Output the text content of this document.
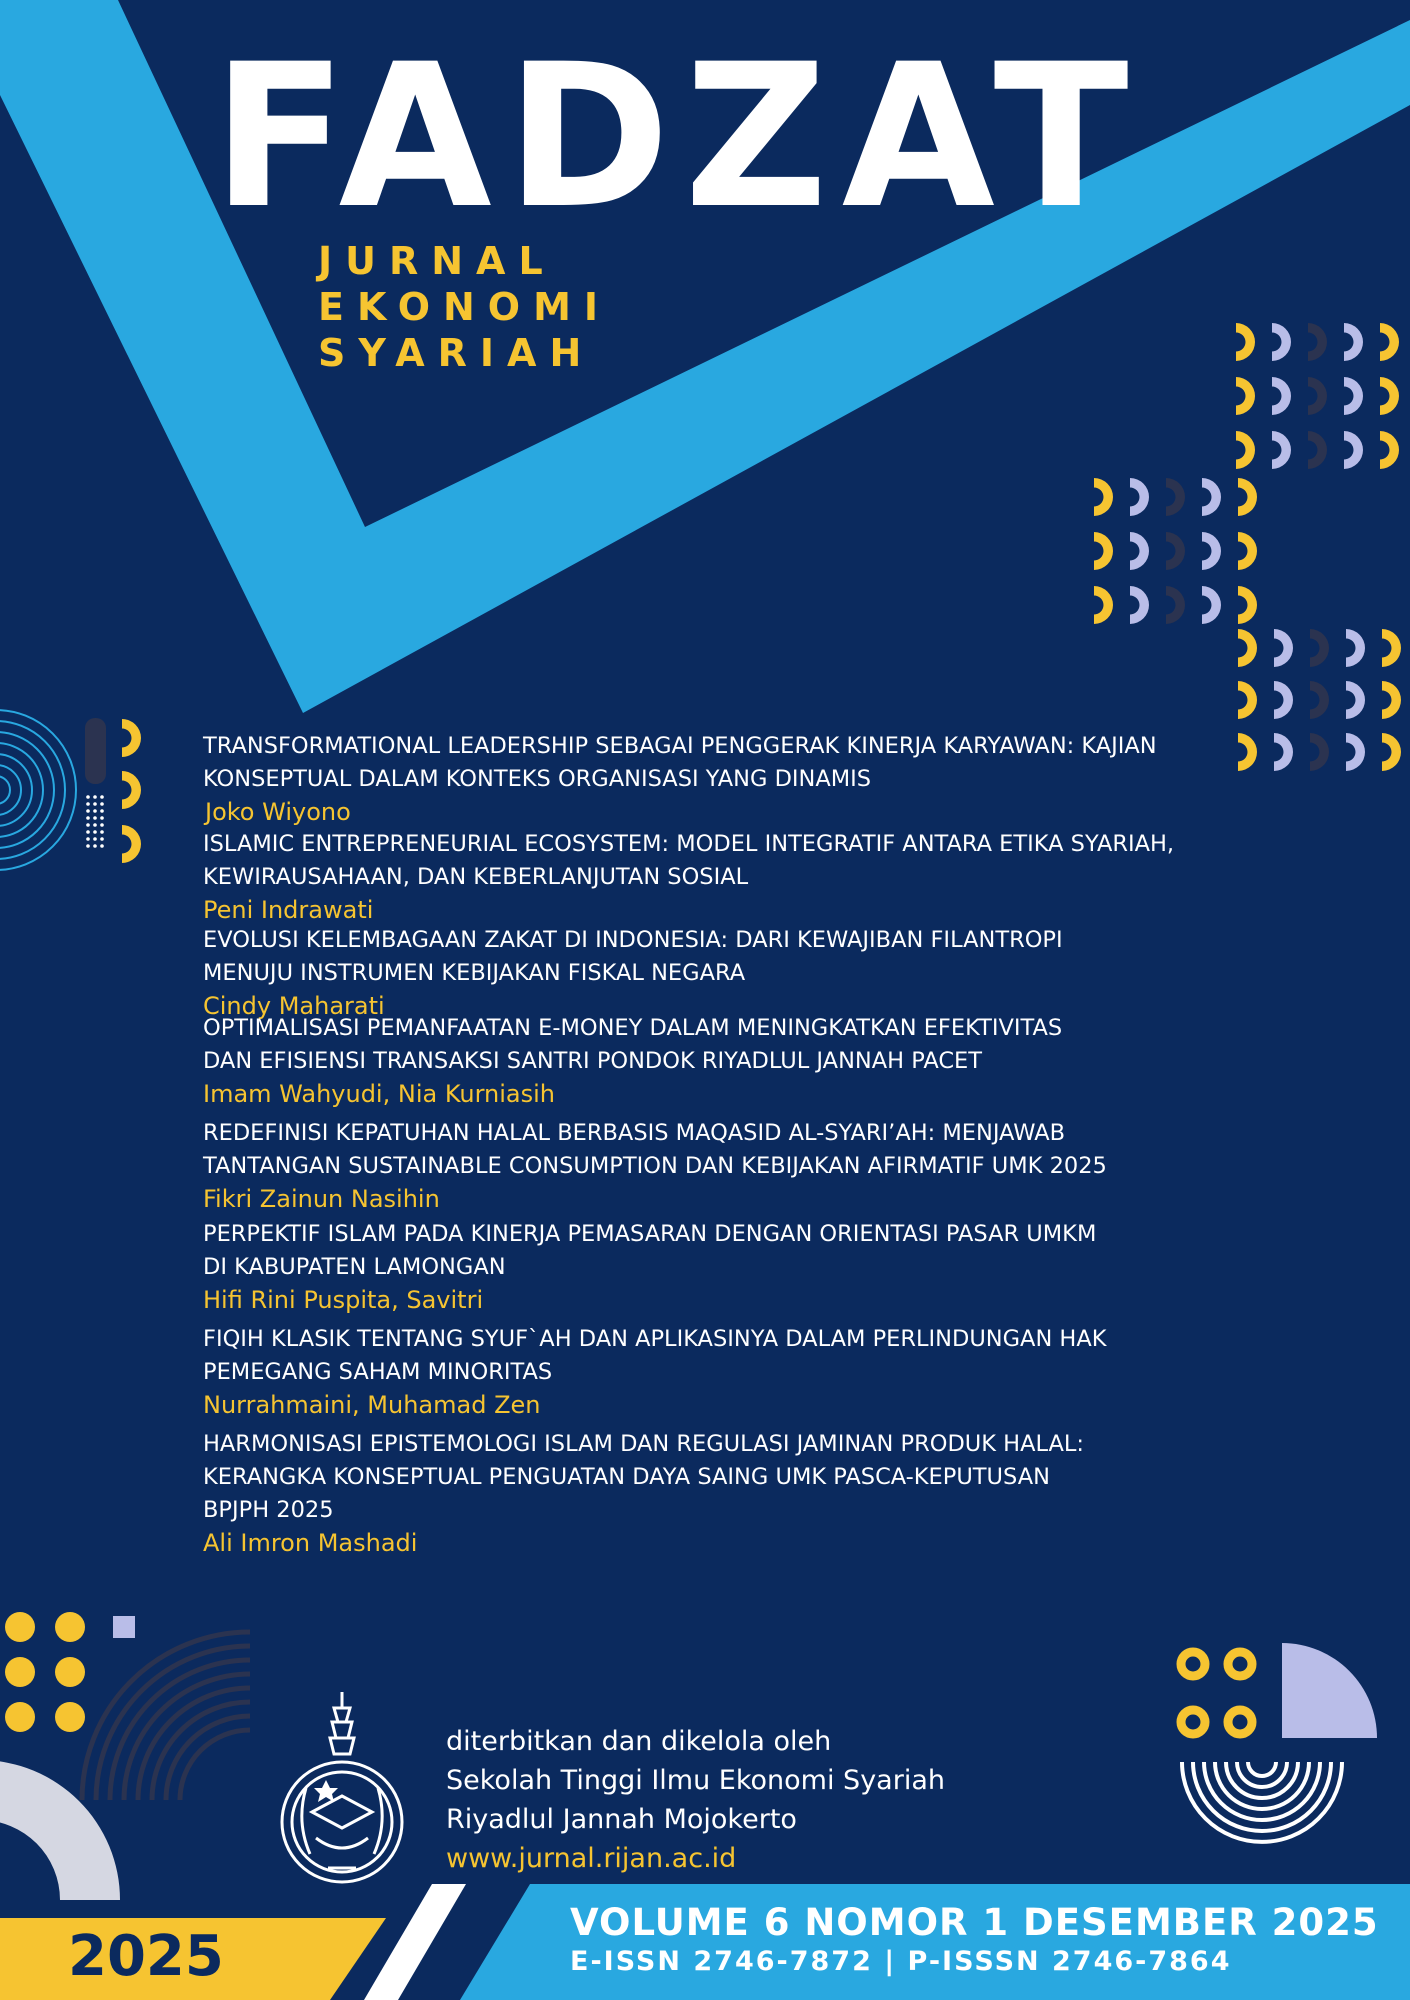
FADZAT
JURNAL
EKONOMI
SYARIAH
TRANSFORMATIONAL LEADERSHIP SEBAGAI PENGGERAK KINERJA KARYAWAN: KAJIAN
KONSEPTUAL DALAM KONTEKS ORGANISASI YANG DINAMIS
Joko Wiyono
ISLAMIC ENTREPRENEURIAL ECOSYSTEM: MODEL INTEGRATIF ANTARA ETIKA SYARIAH,
KEWIRAUSAHAAN, DAN KEBERLANJUTAN SOSIAL
Peni Indrawati
EVOLUSI KELEMBAGAAN ZAKAT DI INDONESIA: DARI KEWAJIBAN FILANTROPI
MENUJU INSTRUMEN KEBIJAKAN FISKAL NEGARA
Cindy Maharati
OPTIMALISASI PEMANFAATAN E-MONEY DALAM MENINGKATKAN EFEKTIVITAS
DAN EFISIENSI TRANSAKSI SANTRI PONDOK RIYADLUL JANNAH PACET
Imam Wahyudi, Nia Kurniasih
REDEFINISI KEPATUHAN HALAL BERBASIS MAQASID AL-SYARI’AH: MENJAWAB
TANTANGAN SUSTAINABLE CONSUMPTION DAN KEBIJAKAN AFIRMATIF UMK 2025
Fikri Zainun Nasihin
PERPEKTIF ISLAM PADA KINERJA PEMASARAN DENGAN ORIENTASI PASAR UMKM
DI KABUPATEN LAMONGAN
Hifi Rini Puspita, Savitri
FIQIH KLASIK TENTANG SYUF`AH DAN APLIKASINYA DALAM PERLINDUNGAN HAK
PEMEGANG SAHAM MINORITAS
Nurrahmaini, Muhamad Zen
HARMONISASI EPISTEMOLOGI ISLAM DAN REGULASI JAMINAN PRODUK HALAL:
KERANGKA KONSEPTUAL PENGUATAN DAYA SAING UMK PASCA-KEPUTUSAN
BPJPH 2025
Ali Imron Mashadi
diterbitkan dan dikelola oleh
Sekolah Tinggi Ilmu Ekonomi Syariah
Riyadlul Jannah Mojokerto
www.jurnal.rijan.ac.id
2025
VOLUME 6 NOMOR 1 DESEMBER 2025
E-ISSN 2746-7872 | P-ISSSN 2746-7864
